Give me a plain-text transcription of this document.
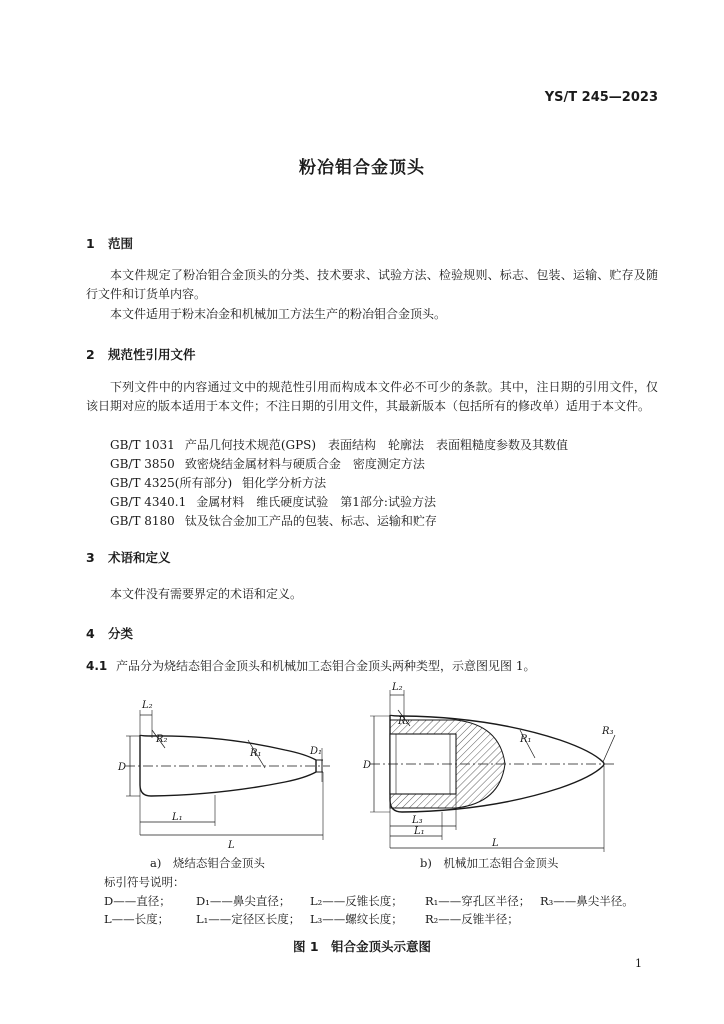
YS/T 245—2023
粉冶钼合金顶头
1 范围
本文件规定了粉冶钼合金顶头的分类、技术要求、试验方法、检验规则、标志、包装、运输、贮存及随行文件和订货单内容。
本文件适用于粉末冶金和机械加工方法生产的粉冶钼合金顶头。
2 规范性引用文件
下列文件中的内容通过文中的规范性引用而构成本文件必不可少的条款。其中，注日期的引用文件，仅该日期对应的版本适用于本文件；不注日期的引用文件，其最新版本（包括所有的修改单）适用于本文件。
GB/T 1031 产品几何技术规范(GPS)　表面结构　轮廓法　表面粗糙度参数及其数值
GB/T 3850 致密烧结金属材料与硬质合金　密度测定方法
GB/T 4325(所有部分) 钼化学分析方法
GB/T 4340.1 金属材料　维氏硬度试验　第1部分:试验方法
GB/T 8180 钛及钛合金加工产品的包装、标志、运输和贮存
3 术语和定义
本文件没有需要界定的术语和定义。
4 分类
4.1 产品分为烧结态钼合金顶头和机械加工态钼合金顶头两种类型，示意图见图 1。
D
L₂
R₂
R₁	D₁
L₁
L
D
L₂
R₂
R₁
R₃
L₃
L₁
L
a)　烧结态钼合金顶头	b)　机械加工态钼合金顶头
标引符号说明：
D——直径； D₁——鼻尖直径； L₂——反锥长度； R₁——穿孔区半径； R₃——鼻尖半径。
L——长度； L₁——定径区长度； L₃——螺纹长度； R₂——反锥半径；
图 1　钼合金顶头示意图
1
